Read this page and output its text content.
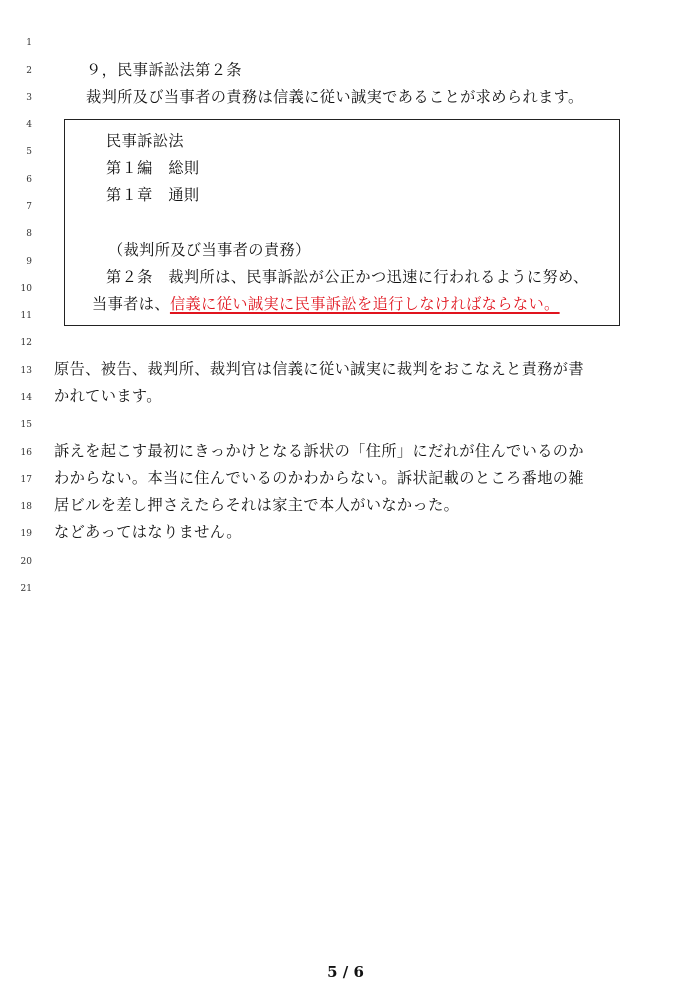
1
2
3
4
5
6
7
8
9
10
11
12
13
14
15
16
17
18
19
20
21
９，民事訴訟法第２条
裁判所及び当事者の責務は信義に従い誠実であることが求められます。
民事訴訟法
第１編　総則
第１章　通則
（裁判所及び当事者の責務）
第２条　裁判所は、民事訴訟が公正かつ迅速に行われるように努め、
当事者は、信義に従い誠実に民事訴訟を追行しなければならない。
原告、被告、裁判所、裁判官は信義に従い誠実に裁判をおこなえと責務が書
かれています。
訴えを起こす最初にきっかけとなる訴状の「住所」にだれが住んでいるのか
わからない。本当に住んでいるのかわからない。訴状記載のところ番地の雑
居ビルを差し押さえたらそれは家主で本人がいなかった。
などあってはなりません。
5 / 6
